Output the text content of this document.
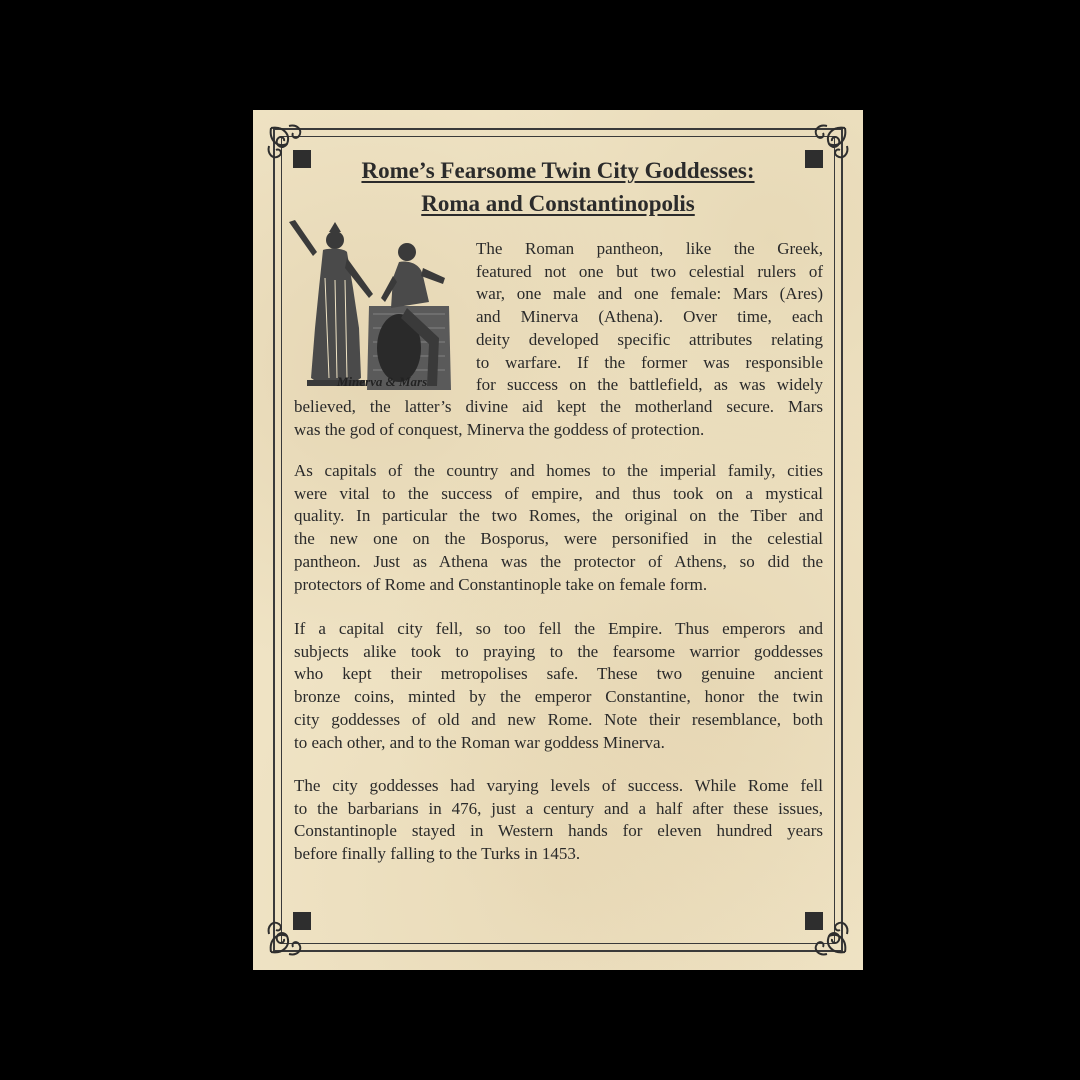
Rome’s Fearsome Twin City Goddesses:
Roma and Constantinopolis
Minerva & Mars
The Roman pantheon, like the Greek,
featured not one but two celestial rulers of
war, one male and one female: Mars (Ares)
and Minerva (Athena). Over time, each
deity developed specific attributes relating
to warfare. If the former was responsible
for success on the battlefield, as was widely
believed, the latter’s divine aid kept the motherland secure. Mars
was the god of conquest, Minerva the goddess of protection.
As capitals of the country and homes to the imperial family, cities
were vital to the success of empire, and thus took on a mystical
quality. In particular the two Romes, the original on the Tiber and
the new one on the Bosporus, were personified in the celestial
pantheon. Just as Athena was the protector of Athens, so did the
protectors of Rome and Constantinople take on female form.
If a capital city fell, so too fell the Empire. Thus emperors and
subjects alike took to praying to the fearsome warrior goddesses
who kept their metropolises safe. These two genuine ancient
bronze coins, minted by the emperor Constantine, honor the twin
city goddesses of old and new Rome. Note their resemblance, both
to each other, and to the Roman war goddess Minerva.
The city goddesses had varying levels of success. While Rome fell
to the barbarians in 476, just a century and a half after these issues,
Constantinople stayed in Western hands for eleven hundred years
before finally falling to the Turks in 1453.
